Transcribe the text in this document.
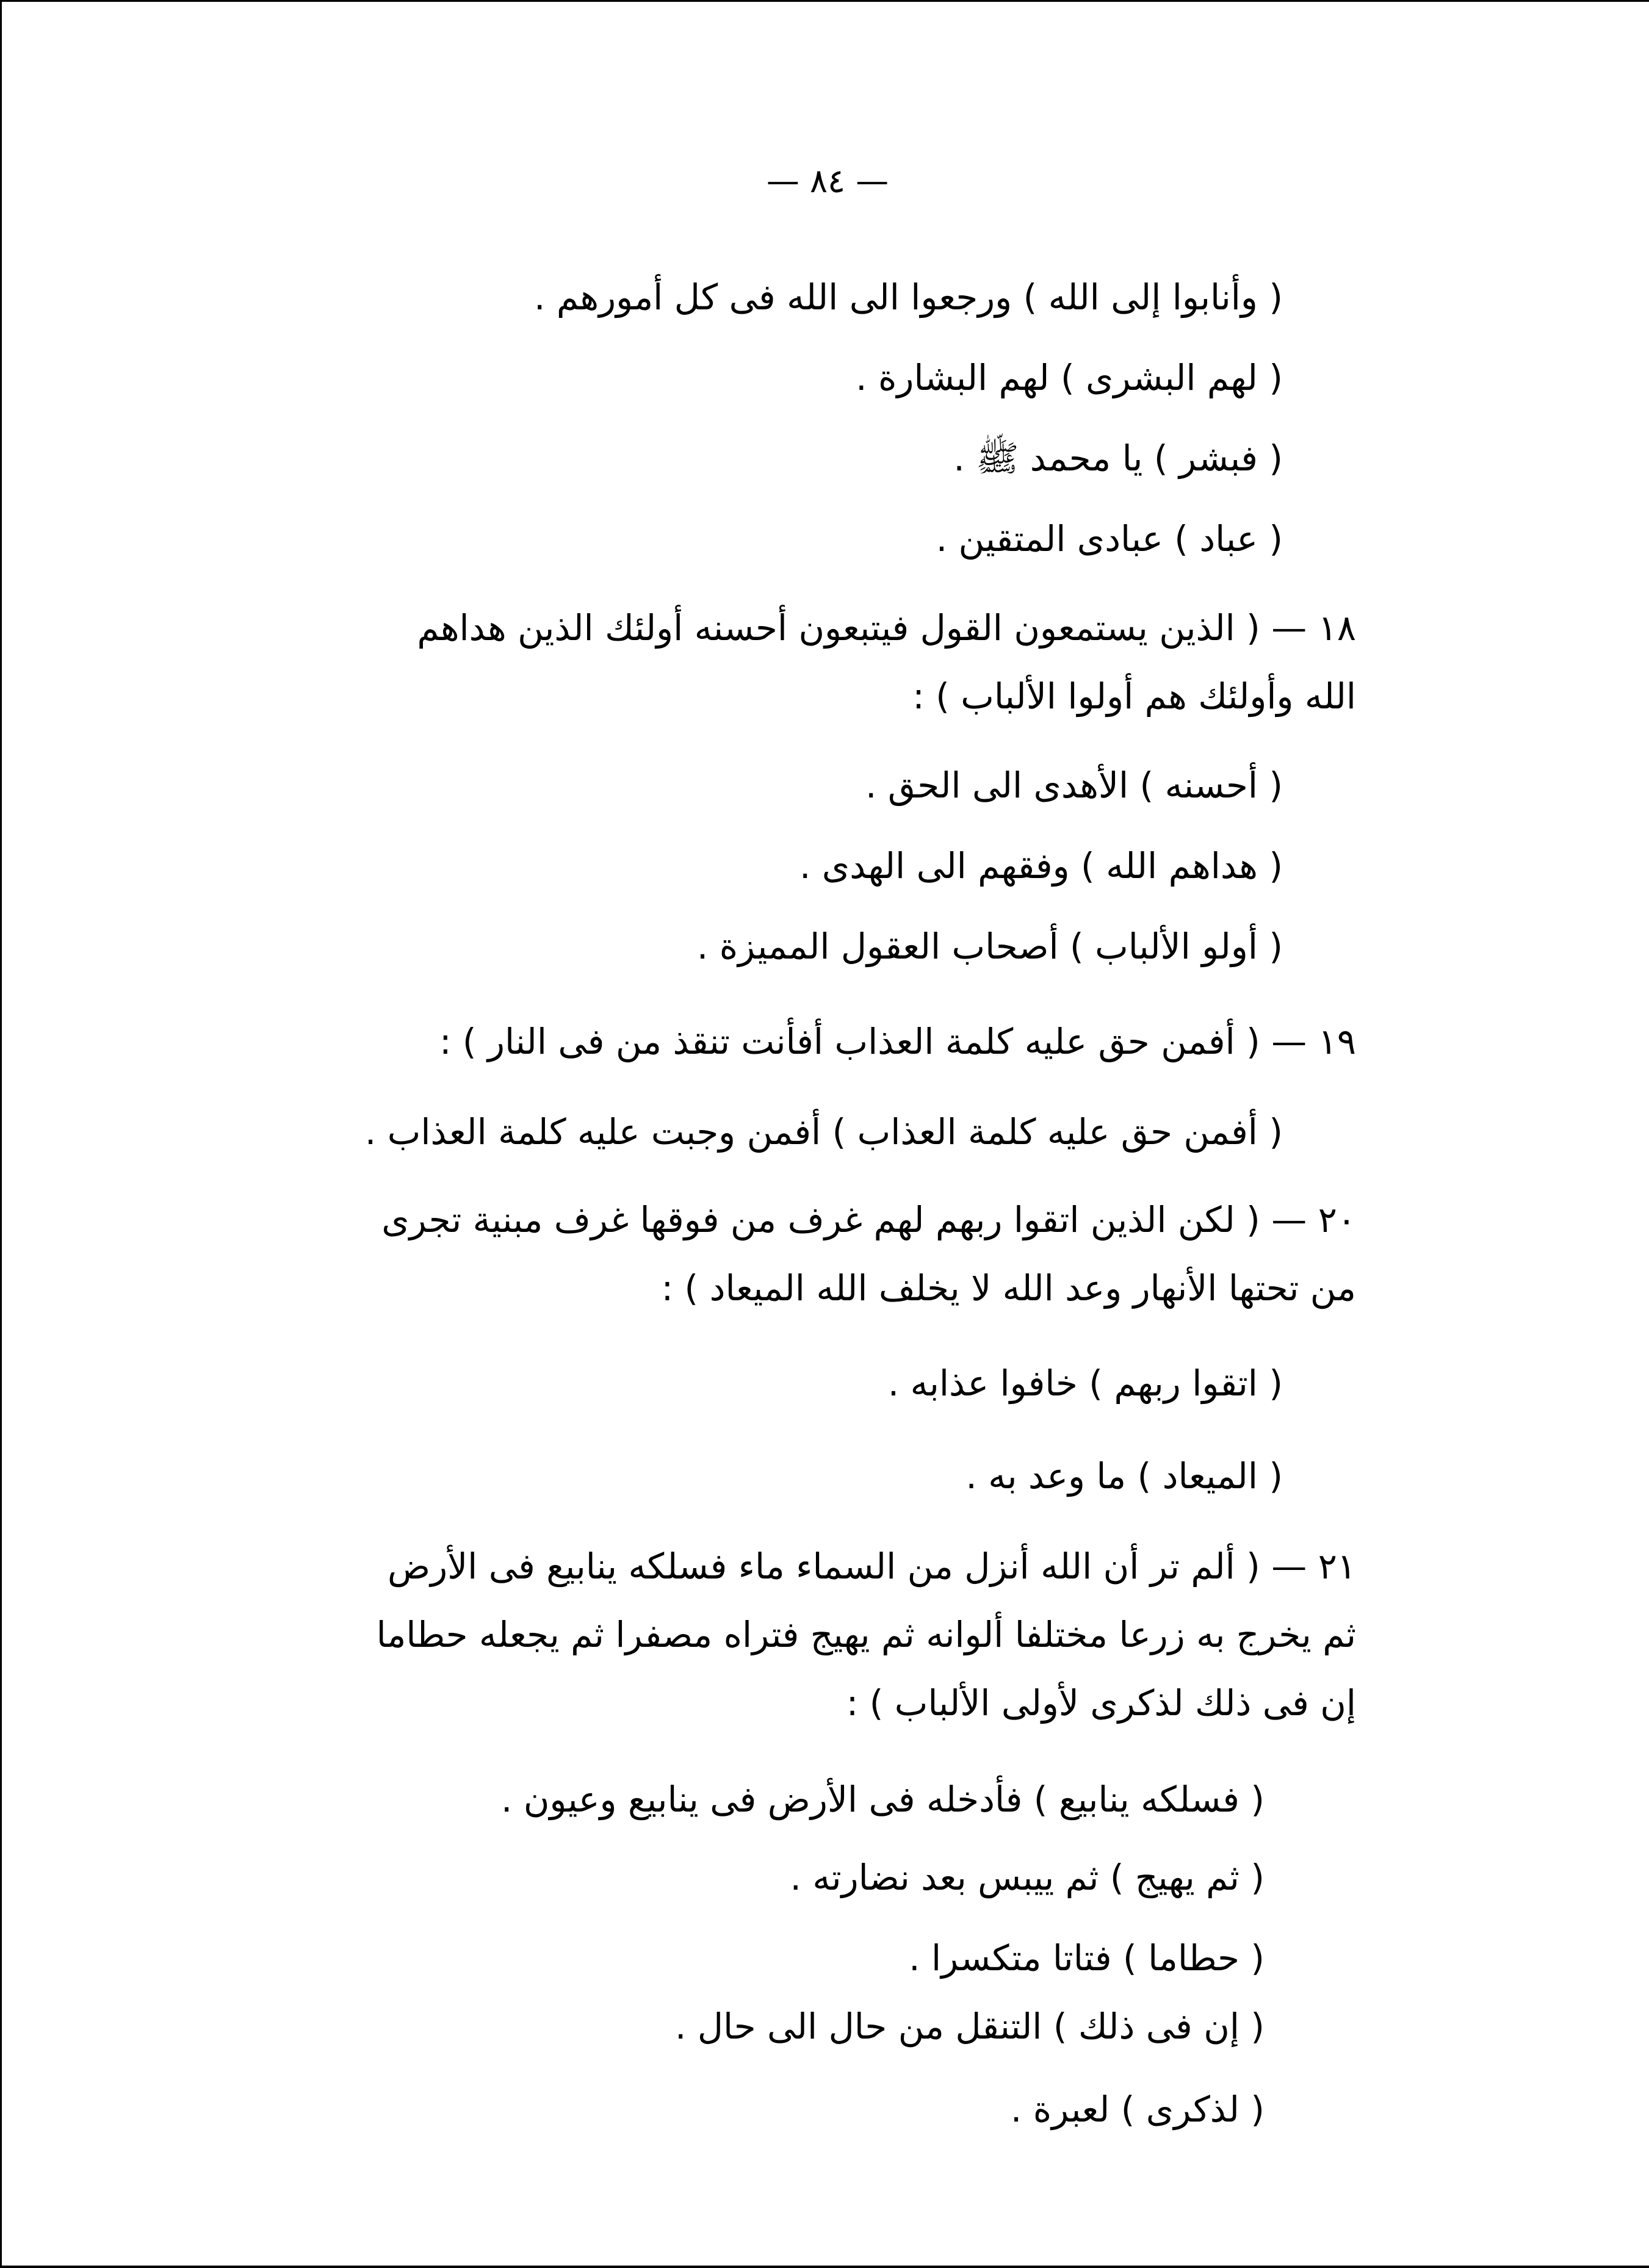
— ٨٤ —

( وأنابوا إلى الله ) ورجعوا الى الله فى كل أمورهم .

( لهم البشرى ) لهم البشارة .

( فبشر ) يا محمد ﷺ .

( عباد ) عبادى المتقين .

١٨ — ( الذين يستمعون القول فيتبعون أحسنه أولئك الذين هداهم

الله وأولئك هم أولوا الألباب ) :

( أحسنه ) الأهدى الى الحق .

( هداهم الله ) وفقهم الى الهدى .

( أولو الألباب ) أصحاب العقول المميزة .

١٩ — ( أفمن حق عليه كلمة العذاب أفأنت تنقذ من فى النار ) :

( أفمن حق عليه كلمة العذاب ) أفمن وجبت عليه كلمة العذاب .

٢٠ — ( لكن الذين اتقوا ربهم لهم غرف من فوقها غرف مبنية تجرى

من تحتها الأنهار وعد الله لا يخلف الله الميعاد ) :

( اتقوا ربهم ) خافوا عذابه .

( الميعاد ) ما وعد به .

٢١ — ( ألم تر أن الله أنزل من السماء ماء فسلكه ينابيع فى الأرض

ثم يخرج به زرعا مختلفا ألوانه ثم يهيج فتراه مصفرا ثم يجعله حطاما

إن فى ذلك لذكرى لأولى الألباب ) :

( فسلكه ينابيع ) فأدخله فى الأرض فى ينابيع وعيون .

( ثم يهيج ) ثم ييبس بعد نضارته .

( حطاما ) فتاتا متكسرا .

( إن فى ذلك ) التنقل من حال الى حال .

( لذكرى ) لعبرة .
